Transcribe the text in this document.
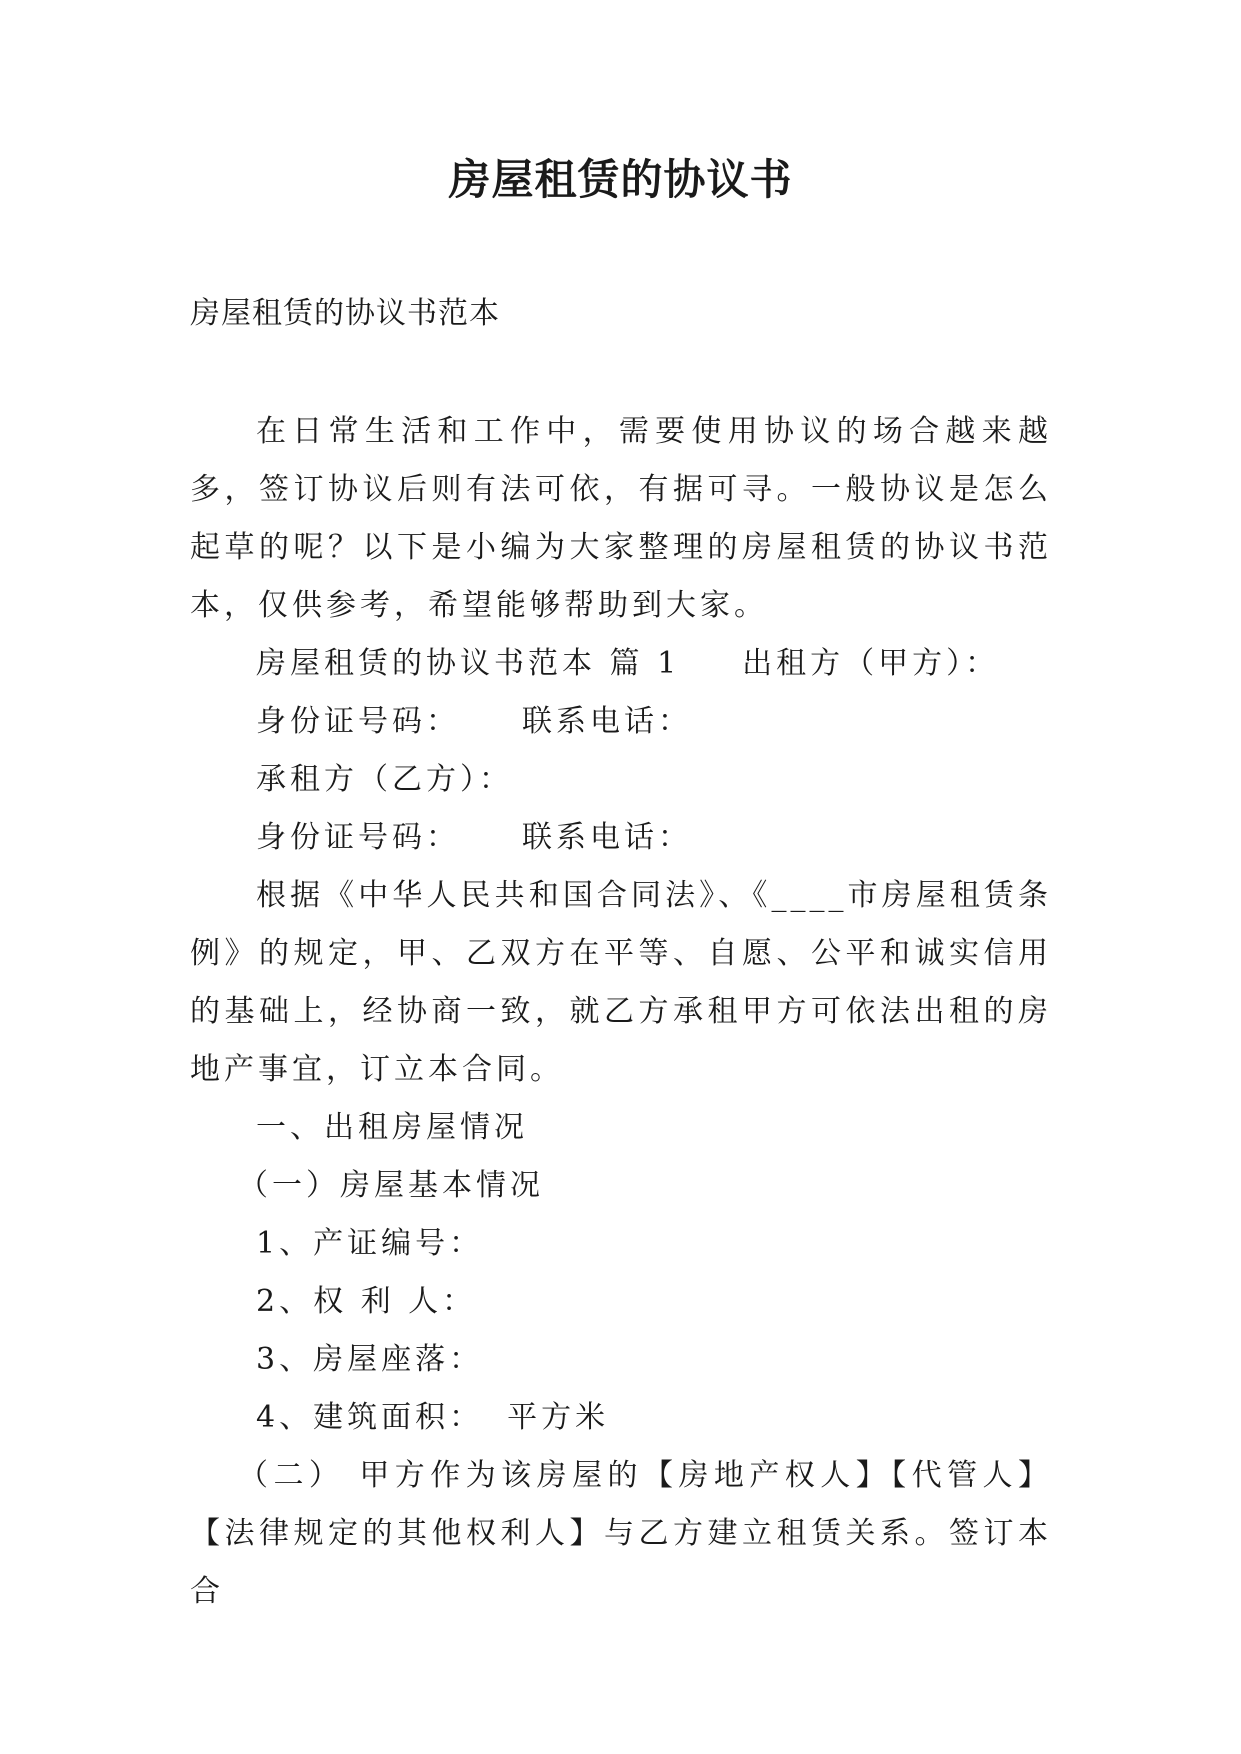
房屋租赁的协议书
房屋租赁的协议书范本

在日常生活和工作中，需要使用协议的场合越来越多，签订协议后则有法可依，有据可寻。一般协议是怎么起草的呢？以下是小编为大家整理的房屋租赁的协议书范本，仅供参考，希望能够帮助到大家。

房屋租赁的协议书范本 篇 1 出租方（甲方）：

身份证号码： 联系电话：

承租方（乙方）：

身份证号码： 联系电话：

根据《中华人民共和国合同法》、《____市房屋租赁条例》的规定，甲、乙双方在平等、自愿、公平和诚实信用的基础上，经协商一致，就乙方承租甲方可依法出租的房地产事宜，订立本合同。

一、出租房屋情况

（一）房屋基本情况

1、产证编号：

2、权 利 人：

3、房屋座落：

4、建筑面积： 平方米

（二） 甲方作为该房屋的【房地产权人】【代管人】【法律规定的其他权利人】与乙方建立租赁关系。签订本合
